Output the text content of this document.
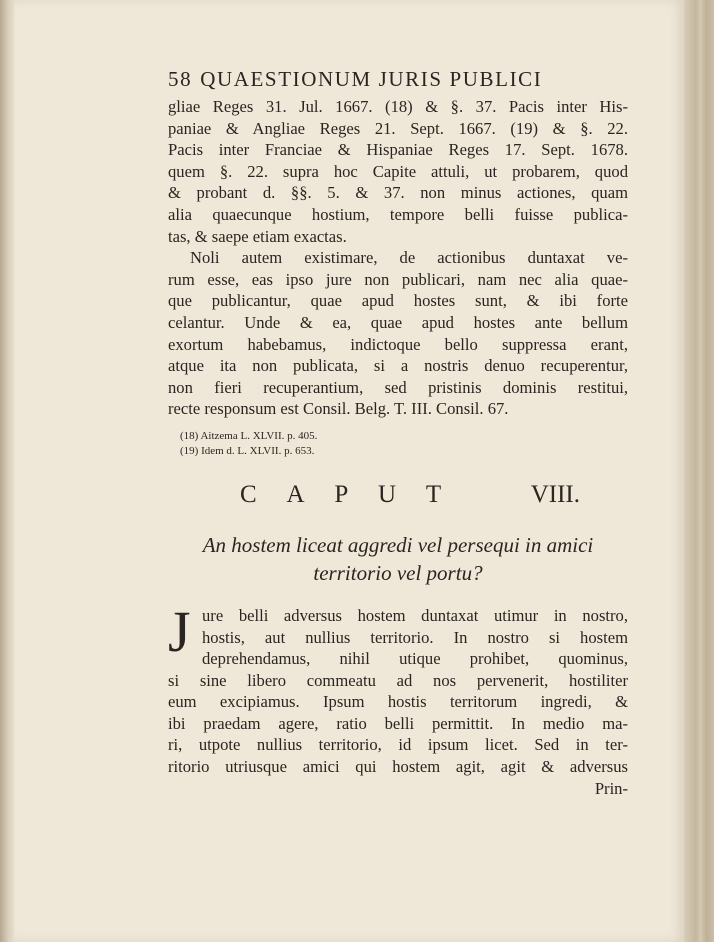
58 QUAESTIONUM JURIS PUBLICI
gliae Reges 31. Jul. 1667. (18) & §. 37. Pacis inter His-
paniae & Angliae Reges 21. Sept. 1667. (19) & §. 22.
Pacis inter Franciae & Hispaniae Reges 17. Sept. 1678.
quem §. 22. supra hoc Capite attuli, ut probarem, quod
& probant d. §§. 5. & 37. non minus actiones, quam
alia quaecunque hostium, tempore belli fuisse publica-
tas, & saepe etiam exactas.
Noli autem existimare, de actionibus duntaxat ve-
rum esse, eas ipso jure non publicari, nam nec alia quae-
que publicantur, quae apud hostes sunt, & ibi forte
celantur. Unde & ea, quae apud hostes ante bellum
exortum habebamus, indictoque bello suppressa erant,
atque ita non publicata, si a nostris denuo recuperentur,
non fieri recuperantium, sed pristinis dominis restitui,
recte responsum est Consil. Belg. T. III. Consil. 67.
(18) Aitzema L. XLVII. p. 405.
(19) Idem d. L. XLVII. p. 653.
C A P U T	VIII.
An hostem liceat aggredi vel persequi in amici
territorio vel portu?
J ure belli adversus hostem duntaxat utimur in nostro,
hostis, aut nullius territorio. In nostro si hostem
deprehendamus, nihil utique prohibet, quominus,
si sine libero commeatu ad nos pervenerit, hostiliter
eum excipiamus. Ipsum hostis territorum ingredi, &
ibi praedam agere, ratio belli permittit. In medio ma-
ri, utpote nullius territorio, id ipsum licet. Sed in ter-
ritorio utriusque amici qui hostem agit, agit & adversus
Prin-
